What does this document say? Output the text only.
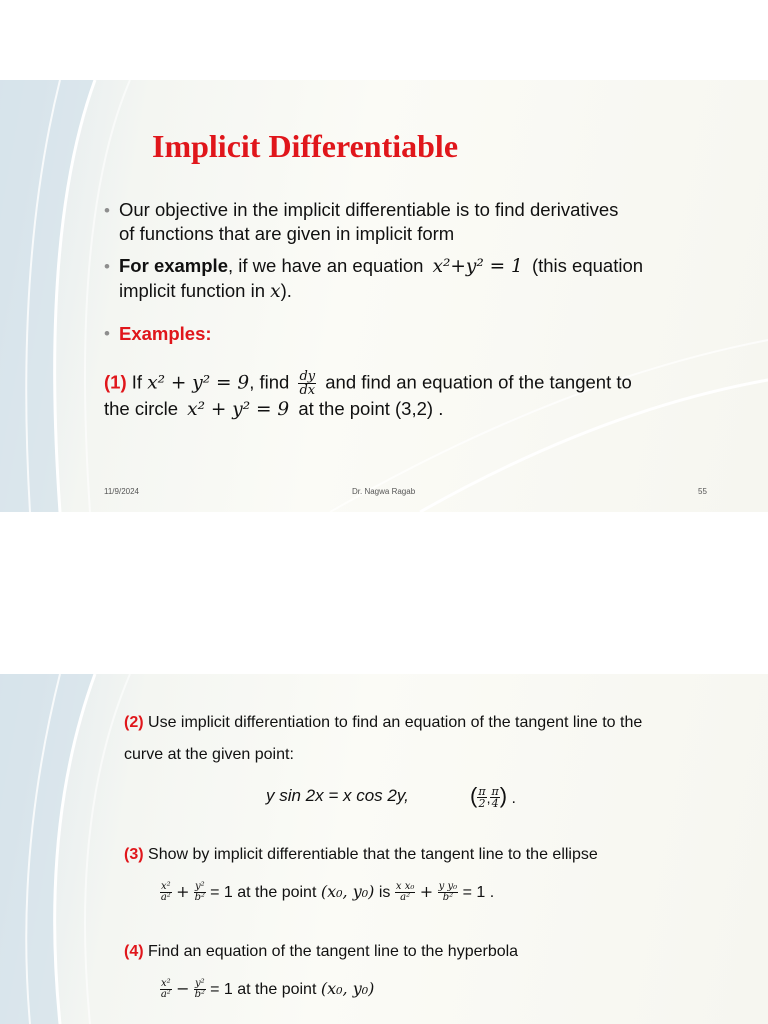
Implicit Differentiable
• Our objective in the implicit differentiable is to find derivatives
of functions that are given in implicit form
• For example, if we have an equation x²+y² = 1 (this equation
implicit function in x).
• Examples:
(1) If x² + y² = 9, find $\frac{dy}{dx}$ and find an equation of the tangent to
the circle x² + y² = 9 at the point (3,2) .
11/9/2024	Dr. Nagwa Ragab	55
(2) Use implicit differentiation to find an equation of the tangent line to the
curve at the given point:
y sin 2x = x cos 2y,	( $\frac{\pi}{2}$ , $\frac{\pi}{4}$ ) .
(3) Show by implicit differentiable that the tangent line to the ellipse
$\frac{\text{x²}}{\text{a²}} + \frac{\text{y²}}{\text{b²}} = 1$ at the point (x₀, y₀) is $\frac{\text{x x₀}}{\text{a²}} + \frac{\text{y y₀}}{\text{b²}} = 1$ .
(4) Find an equation of the tangent line to the hyperbola
$\frac{\text{x²}}{\text{a²}} - \frac{\text{y²}}{\text{b²}} = 1$ at the point (x₀, y₀)
